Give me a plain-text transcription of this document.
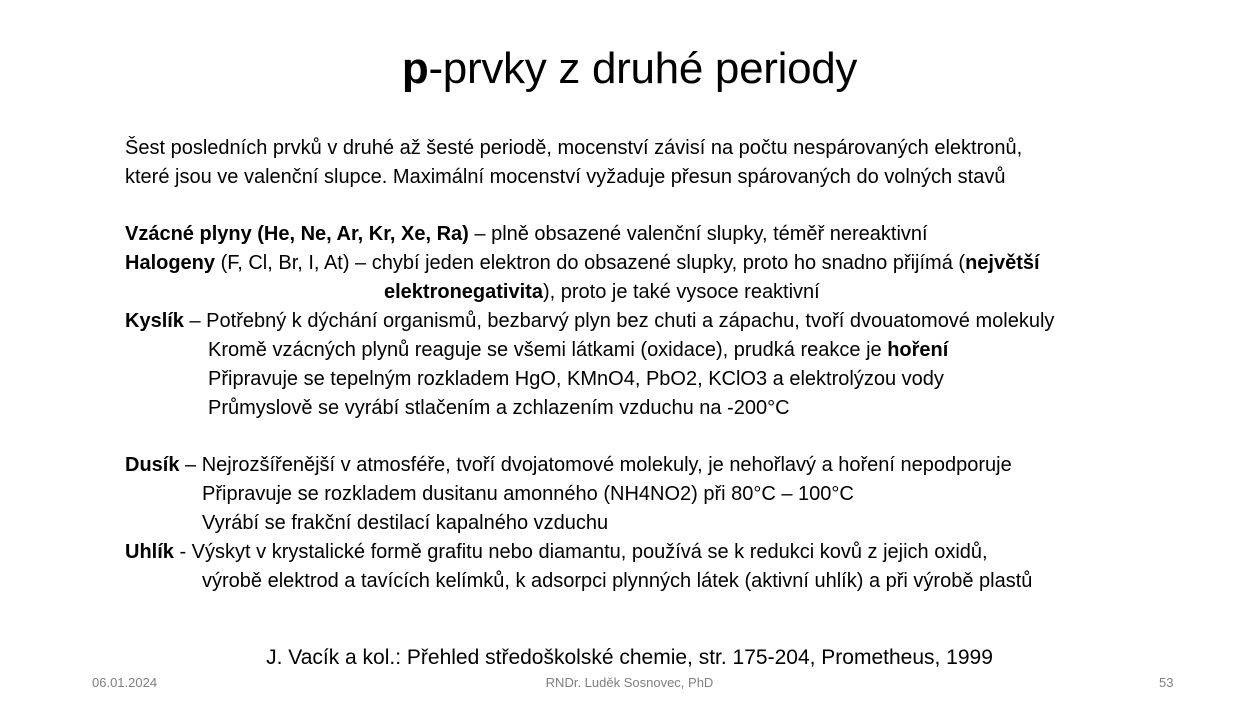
p-prvky z druhé periody
Šest posledních prvků v druhé až šesté periodě, mocenství závisí na počtu nespárovaných elektronů,
které jsou ve valenční slupce. Maximální mocenství vyžaduje přesun spárovaných do volných stavů
Vzácné plyny (He, Ne, Ar, Kr, Xe, Ra) – plně obsazené valenční slupky, téměř nereaktivní
Halogeny (F, Cl, Br, I, At) – chybí jeden elektron do obsazené slupky, proto ho snadno přijímá (největší
elektronegativita), proto je také vysoce reaktivní
Kyslík – Potřebný k dýchání organismů, bezbarvý plyn bez chuti a zápachu, tvoří dvouatomové molekuly
Kromě vzácných plynů reaguje se všemi látkami (oxidace), prudká reakce je hoření
Připravuje se tepelným rozkladem HgO, KMnO4, PbO2, KClO3 a elektrolýzou vody
Průmyslově se vyrábí stlačením a zchlazením vzduchu na -200°C
Dusík – Nejrozšířenější v atmosféře, tvoří dvojatomové molekuly, je nehořlavý a hoření nepodporuje
Připravuje se rozkladem dusitanu amonného (NH4NO2) při 80°C – 100°C
Vyrábí se frakční destilací kapalného vzduchu
Uhlík - Výskyt v krystalické formě grafitu nebo diamantu, používá se k redukci kovů z jejich oxidů,
výrobě elektrod a tavících kelímků, k adsorpci plynných látek (aktivní uhlík) a při výrobě plastů
J. Vacík a kol.: Přehled středoškolské chemie, str. 175-204, Prometheus, 1999
06.01.2024	RNDr. Luděk Sosnovec, PhD	53
